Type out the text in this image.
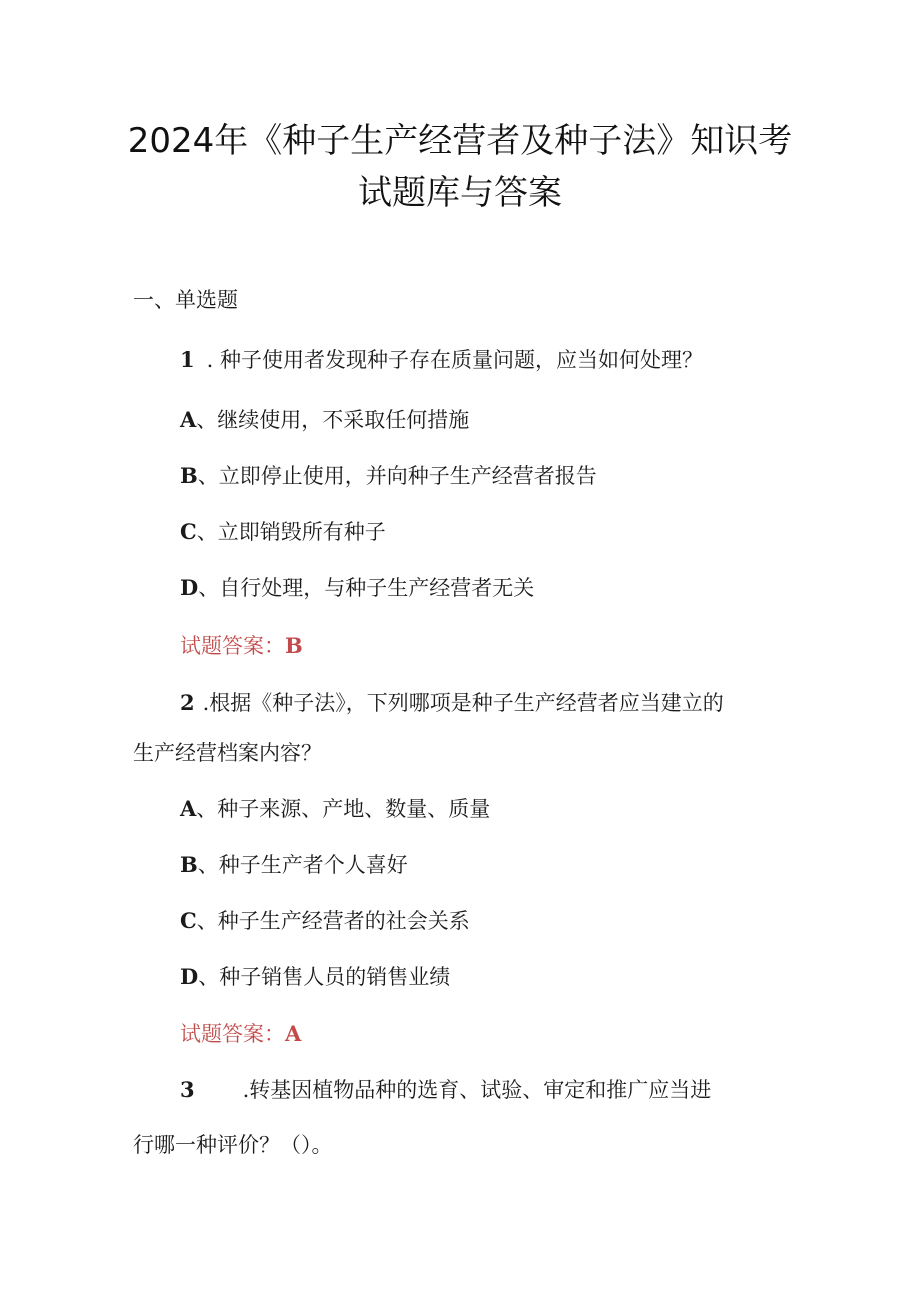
2024年《种子生产经营者及种子法》知识考
试题库与答案
一、单选题
1 . 种子使用者发现种子存在质量问题，应当如何处理？
A、继续使用，不采取任何措施
B、立即停止使用，并向种子生产经营者报告
C、立即销毁所有种子
D、自行处理，与种子生产经营者无关
试题答案：B
2 .根据《种子法》，下列哪项是种子生产经营者应当建立的
生产经营档案内容？
A、种子来源、产地、数量、质量
B、种子生产者个人喜好
C、种子生产经营者的社会关系
D、种子销售人员的销售业绩
试题答案：A
3 .转基因植物品种的选育、试验、审定和推广应当进
行哪一种评价？（）。
